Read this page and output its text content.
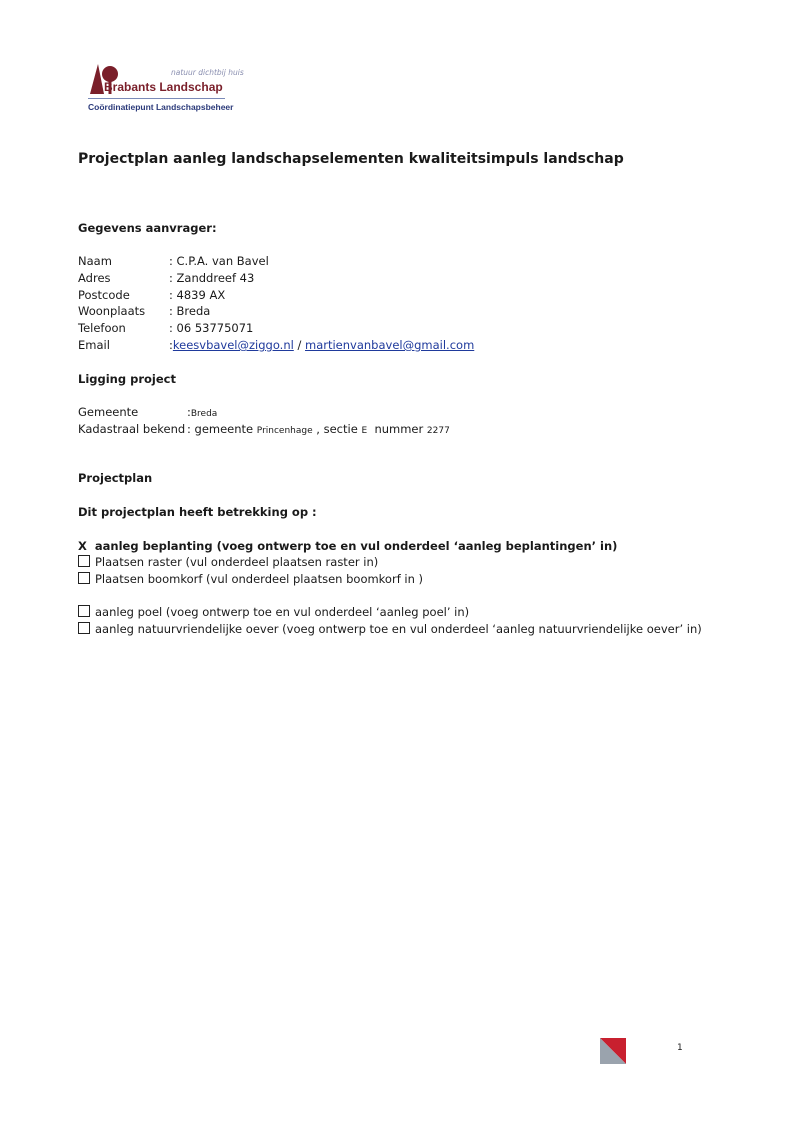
natuur dichtbij huis
Brabants Landschap
Coördinatiepunt Landschapsbeheer
Projectplan aanleg landschapselementen kwaliteitsimpuls landschap
Gegevens aanvrager:
Naam	: C.P.A. van Bavel
Adres	: Zanddreef 43
Postcode	: 4839 AX
Woonplaats : Breda
Telefoon	: 06 53775071
Email	:keesvbavel@ziggo.nl / martienvanbavel@gmail.com
Ligging project
Gemeente	:Breda
Kadastraal bekend : gemeente Princenhage , sectie E nummer 2277
Projectplan
Dit projectplan heeft betrekking op :
X aanleg beplanting (voeg ontwerp toe en vul onderdeel ‘aanleg beplantingen’ in)
Plaatsen raster (vul onderdeel plaatsen raster in)
Plaatsen boomkorf (vul onderdeel plaatsen boomkorf in )
aanleg poel (voeg ontwerp toe en vul onderdeel ‘aanleg poel’ in)
aanleg natuurvriendelijke oever (voeg ontwerp toe en vul onderdeel ‘aanleg natuurvriendelijke oever’ in)
1
